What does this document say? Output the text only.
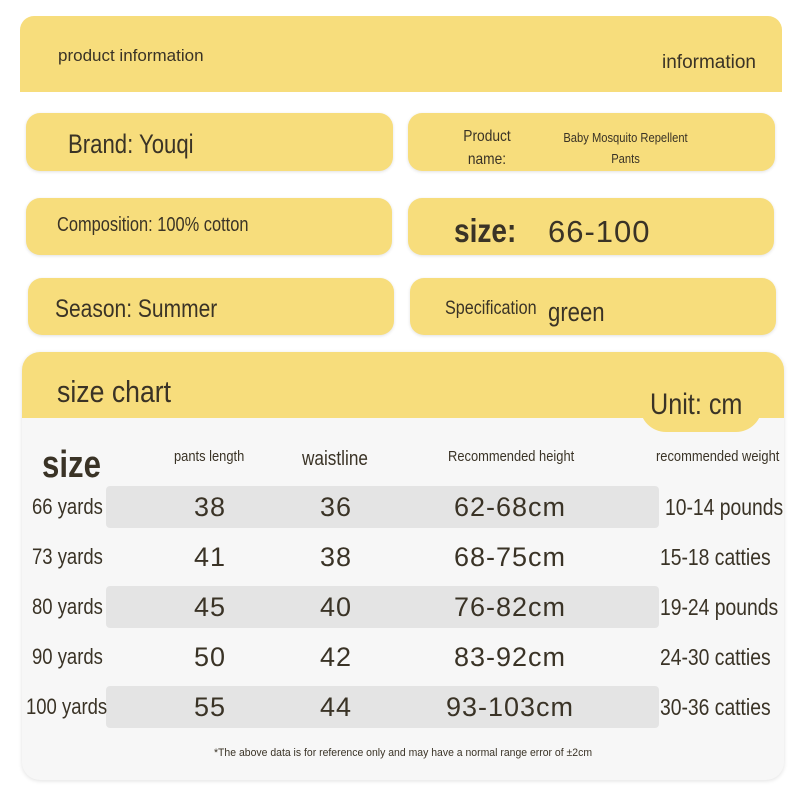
product information	information
Brand: Youqi	Product name:
Baby Mosquito Repellent Pants
Composition: 100% cotton	size: 66-100
Season: Summer	Specification green
size chart	Unit: cm
size	pants length	waistline	Recommended height	recommended weight
66 yards	38	36	62-68cm	10-14 pounds
73 yards	41	38	68-75cm	15-18 catties
80 yards	45	40	76-82cm	19-24 pounds
90 yards	50	42	83-92cm	24-30 catties
100 yards	55	44	93-103cm	30-36 catties
*The above data is for reference only and may have a normal range error of ±2cm
